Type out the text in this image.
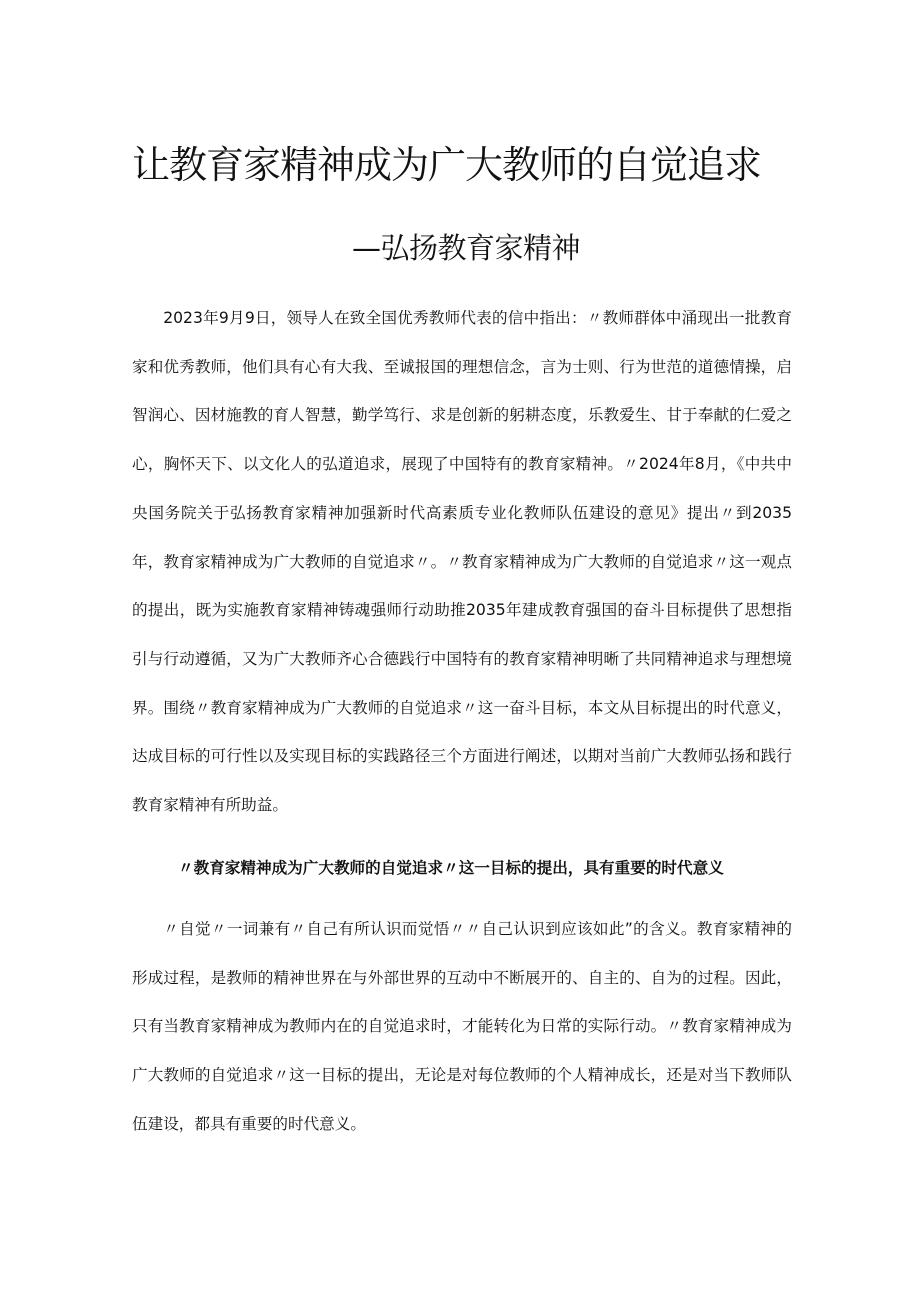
让教育家精神成为广大教师的自觉追求
—弘扬教育家精神

2023年9月9日，领导人在致全国优秀教师代表的信中指出：〃教师群体中涌现出一批教育家和优秀教师，他们具有心有大我、至诚报国的理想信念，言为士则、行为世范的道德情操，启智润心、因材施教的育人智慧，勤学笃行、求是创新的躬耕态度，乐教爱生、甘于奉献的仁爱之心，胸怀天下、以文化人的弘道追求，展现了中国特有的教育家精神。〃2024年8月，《中共中央国务院关于弘扬教育家精神加强新时代高素质专业化教师队伍建设的意见》提出〃到2035年，教育家精神成为广大教师的自觉追求〃。〃教育家精神成为广大教师的自觉追求〃这一观点的提出，既为实施教育家精神铸魂强师行动助推2035年建成教育强国的奋斗目标提供了思想指引与行动遵循，又为广大教师齐心合德践行中国特有的教育家精神明晰了共同精神追求与理想境界。围绕〃教育家精神成为广大教师的自觉追求〃这一奋斗目标，本文从目标提出的时代意义，达成目标的可行性以及实现目标的实践路径三个方面进行阐述，以期对当前广大教师弘扬和践行教育家精神有所助益。

〃教育家精神成为广大教师的自觉追求〃这一目标的提出，具有重要的时代意义

〃自觉〃一词兼有〃自己有所认识而觉悟〃〃自己认识到应该如此”的含义。教育家精神的形成过程，是教师的精神世界在与外部世界的互动中不断展开的、自主的、自为的过程。因此，只有当教育家精神成为教师内在的自觉追求时，才能转化为日常的实际行动。〃教育家精神成为广大教师的自觉追求〃这一目标的提出，无论是对每位教师的个人精神成长，还是对当下教师队伍建设，都具有重要的时代意义。
